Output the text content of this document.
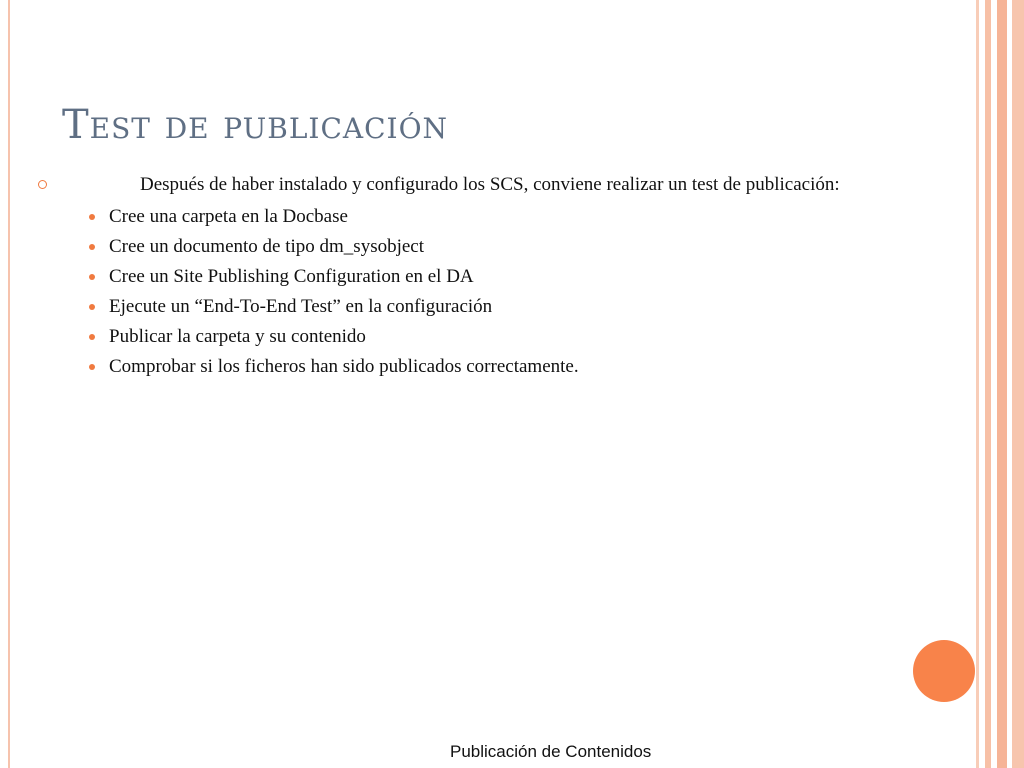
Test de publicación
Después de haber instalado y configurado los SCS, conviene realizar un test de publicación:
Cree una carpeta en la Docbase
Cree un documento de tipo dm_sysobject
Cree un Site Publishing Configuration en el DA
Ejecute un “End-To-End Test” en la configuración
Publicar la carpeta y su contenido
Comprobar si los ficheros han sido publicados correctamente.
Publicación de Contenidos
